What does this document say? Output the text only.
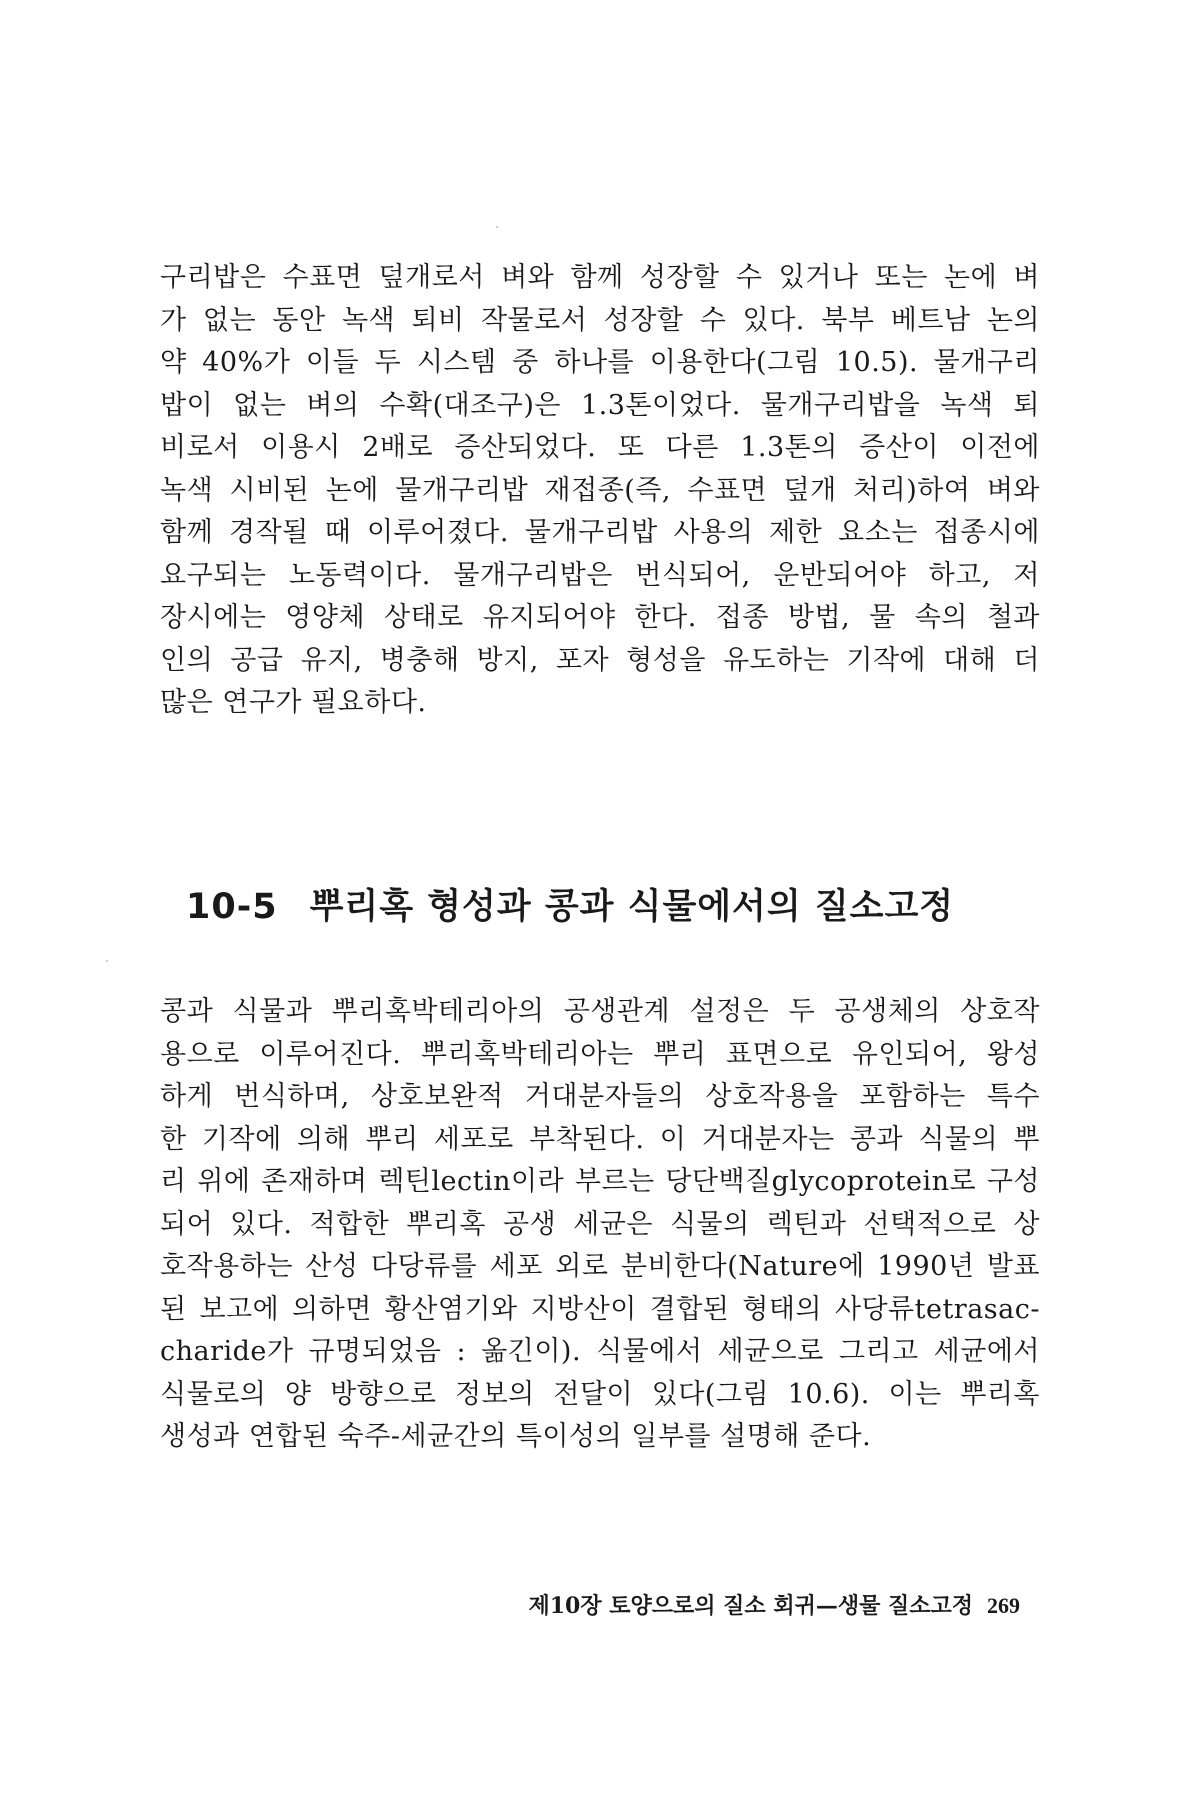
구리밥은 수표면 덮개로서 벼와 함께 성장할 수 있거나 또는 논에 벼
가 없는 동안 녹색 퇴비 작물로서 성장할 수 있다. 북부 베트남 논의
약 40%가 이들 두 시스템 중 하나를 이용한다(그림 10.5). 물개구리
밥이 없는 벼의 수확(대조구)은 1.3톤이었다. 물개구리밥을 녹색 퇴
비로서 이용시 2배로 증산되었다. 또 다른 1.3톤의 증산이 이전에
녹색 시비된 논에 물개구리밥 재접종(즉, 수표면 덮개 처리)하여 벼와
함께 경작될 때 이루어졌다. 물개구리밥 사용의 제한 요소는 접종시에
요구되는 노동력이다. 물개구리밥은 번식되어, 운반되어야 하고, 저
장시에는 영양체 상태로 유지되어야 한다. 접종 방법, 물 속의 철과
인의 공급 유지, 병충해 방지, 포자 형성을 유도하는 기작에 대해 더
많은 연구가 필요하다.
10-5 뿌리혹 형성과 콩과 식물에서의 질소고정
콩과 식물과 뿌리혹박테리아의 공생관계 설정은 두 공생체의 상호작
용으로 이루어진다. 뿌리혹박테리아는 뿌리 표면으로 유인되어, 왕성
하게 번식하며, 상호보완적 거대분자들의 상호작용을 포함하는 특수
한 기작에 의해 뿌리 세포로 부착된다. 이 거대분자는 콩과 식물의 뿌
리 위에 존재하며 렉틴lectin이라 부르는 당단백질glycoprotein로 구성
되어 있다. 적합한 뿌리혹 공생 세균은 식물의 렉틴과 선택적으로 상
호작용하는 산성 다당류를 세포 외로 분비한다(Nature에 1990년 발표
된 보고에 의하면 황산염기와 지방산이 결합된 형태의 사당류tetrasac-
charide가 규명되었음 : 옮긴이). 식물에서 세균으로 그리고 세균에서
식물로의 양 방향으로 정보의 전달이 있다(그림 10.6). 이는 뿌리혹
생성과 연합된 숙주-세균간의 특이성의 일부를 설명해 준다.
제10장 토양으로의 질소 회귀—생물 질소고정 269
